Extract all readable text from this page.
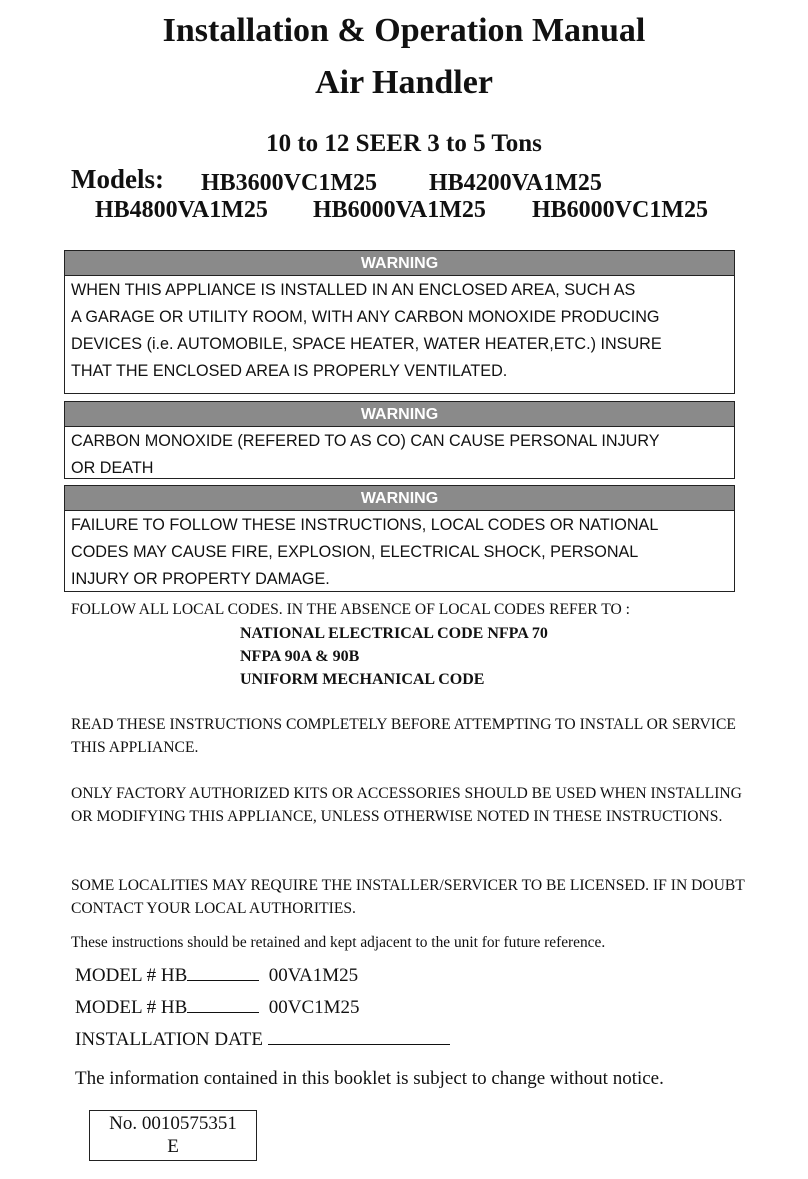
Installation & Operation Manual
Air Handler
10 to 12 SEER 3 to 5 Tons
Models: HB3600VC1M25 HB4200VA1M25
HB4800VA1M25 HB6000VA1M25 HB6000VC1M25
WARNING
WHEN THIS APPLIANCE IS INSTALLED IN AN ENCLOSED AREA, SUCH AS
A GARAGE OR UTILITY ROOM, WITH ANY CARBON MONOXIDE PRODUCING
DEVICES (i.e. AUTOMOBILE, SPACE HEATER, WATER HEATER,ETC.) INSURE
THAT THE ENCLOSED AREA IS PROPERLY VENTILATED.
WARNING
CARBON MONOXIDE (REFERED TO AS CO) CAN CAUSE PERSONAL INJURY
OR DEATH
WARNING
FAILURE TO FOLLOW THESE INSTRUCTIONS, LOCAL CODES OR NATIONAL
CODES MAY CAUSE FIRE, EXPLOSION, ELECTRICAL SHOCK, PERSONAL
INJURY OR PROPERTY DAMAGE.
FOLLOW ALL LOCAL CODES. IN THE ABSENCE OF LOCAL CODES REFER TO :
NATIONAL ELECTRICAL CODE NFPA 70
NFPA 90A & 90B
UNIFORM MECHANICAL CODE
READ THESE INSTRUCTIONS COMPLETELY BEFORE ATTEMPTING TO INSTALL OR SERVICE THIS APPLIANCE.
ONLY FACTORY AUTHORIZED KITS OR ACCESSORIES SHOULD BE USED WHEN INSTALLING OR MODIFYING THIS APPLIANCE, UNLESS OTHERWISE NOTED IN THESE INSTRUCTIONS.
SOME LOCALITIES MAY REQUIRE THE INSTALLER/SERVICER TO BE LICENSED. IF IN DOUBT CONTACT YOUR LOCAL AUTHORITIES.
These instructions should be retained and kept adjacent to the unit for future reference.
MODEL # HB	00VA1M25
MODEL # HB	00VC1M25
INSTALLATION DATE
The information contained in this booklet is subject to change without notice.
No. 0010575351
E
